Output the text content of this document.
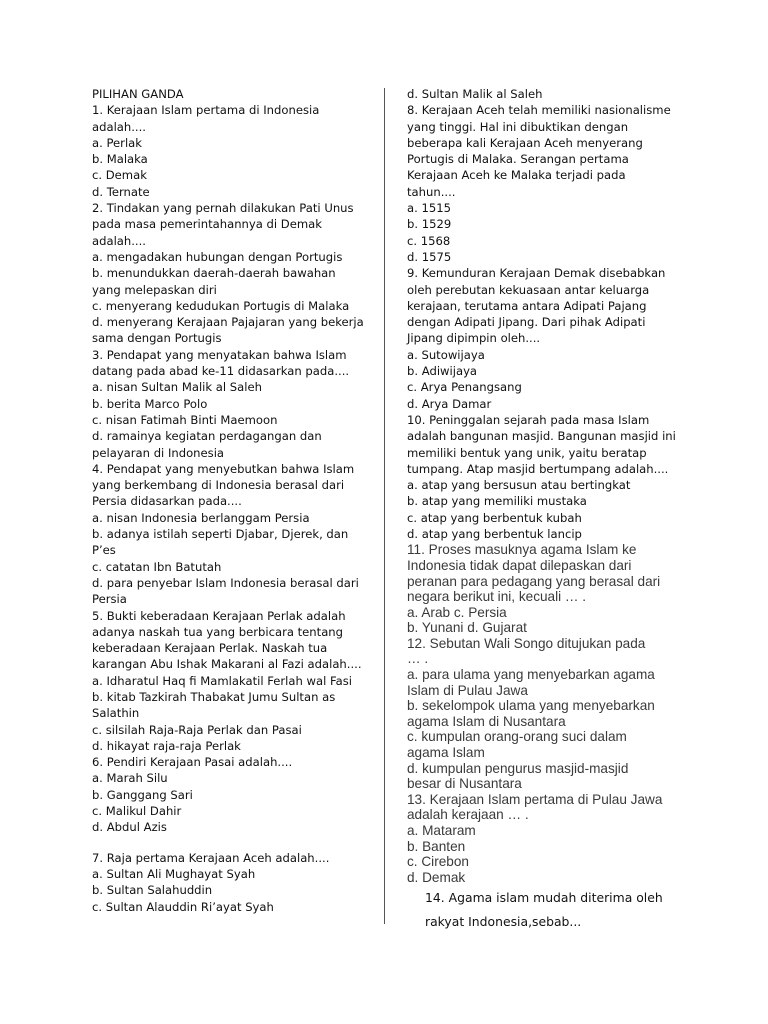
PILIHAN GANDA
1. Kerajaan Islam pertama di Indonesia
adalah....
a. Perlak
b. Malaka
c. Demak
d. Ternate
2. Tindakan yang pernah dilakukan Pati Unus
pada masa pemerintahannya di Demak
adalah....
a. mengadakan hubungan dengan Portugis
b. menundukkan daerah-daerah bawahan
yang melepaskan diri
c. menyerang kedudukan Portugis di Malaka
d. menyerang Kerajaan Pajajaran yang bekerja
sama dengan Portugis
3. Pendapat yang menyatakan bahwa Islam
datang pada abad ke-11 didasarkan pada....
a. nisan Sultan Malik al Saleh
b. berita Marco Polo
c. nisan Fatimah Binti Maemoon
d. ramainya kegiatan perdagangan dan
pelayaran di Indonesia
4. Pendapat yang menyebutkan bahwa Islam
yang berkembang di Indonesia berasal dari
Persia didasarkan pada....
a. nisan Indonesia berlanggam Persia
b. adanya istilah seperti Djabar, Djerek, dan
P’es
c. catatan Ibn Batutah
d. para penyebar Islam Indonesia berasal dari
Persia
5. Bukti keberadaan Kerajaan Perlak adalah
adanya naskah tua yang berbicara tentang
keberadaan Kerajaan Perlak. Naskah tua
karangan Abu Ishak Makarani al Fazi adalah....
a. Idharatul Haq fi Mamlakatil Ferlah wal Fasi
b. kitab Tazkirah Thabakat Jumu Sultan as
Salathin
c. silsilah Raja-Raja Perlak dan Pasai
d. hikayat raja-raja Perlak
6. Pendiri Kerajaan Pasai adalah....
a. Marah Silu
b. Ganggang Sari
c. Malikul Dahir
d. Abdul Azis
7. Raja pertama Kerajaan Aceh adalah....
a. Sultan Ali Mughayat Syah
b. Sultan Salahuddin
c. Sultan Alauddin Ri’ayat Syah
d. Sultan Malik al Saleh
8. Kerajaan Aceh telah memiliki nasionalisme
yang tinggi. Hal ini dibuktikan dengan
beberapa kali Kerajaan Aceh menyerang
Portugis di Malaka. Serangan pertama
Kerajaan Aceh ke Malaka terjadi pada
tahun....
a. 1515
b. 1529
c. 1568
d. 1575
9. Kemunduran Kerajaan Demak disebabkan
oleh perebutan kekuasaan antar keluarga
kerajaan, terutama antara Adipati Pajang
dengan Adipati Jipang. Dari pihak Adipati
Jipang dipimpin oleh....
a. Sutowijaya
b. Adiwijaya
c. Arya Penangsang
d. Arya Damar
10. Peninggalan sejarah pada masa Islam
adalah bangunan masjid. Bangunan masjid ini
memiliki bentuk yang unik, yaitu beratap
tumpang. Atap masjid bertumpang adalah....
a. atap yang bersusun atau bertingkat
b. atap yang memiliki mustaka
c. atap yang berbentuk kubah
d. atap yang berbentuk lancip
11. Proses masuknya agama Islam ke
Indonesia tidak dapat dilepaskan dari
peranan para pedagang yang berasal dari
negara berikut ini, kecuali … .
a. Arab c. Persia
b. Yunani d. Gujarat
12. Sebutan Wali Songo ditujukan pada
… .
a. para ulama yang menyebarkan agama
Islam di Pulau Jawa
b. sekelompok ulama yang menyebarkan
agama Islam di Nusantara
c. kumpulan orang-orang suci dalam
agama Islam
d. kumpulan pengurus masjid-masjid
besar di Nusantara
13. Kerajaan Islam pertama di Pulau Jawa
adalah kerajaan … .
a. Mataram
b. Banten
c. Cirebon
d. Demak
14. Agama islam mudah diterima oleh
rakyat Indonesia,sebab...
